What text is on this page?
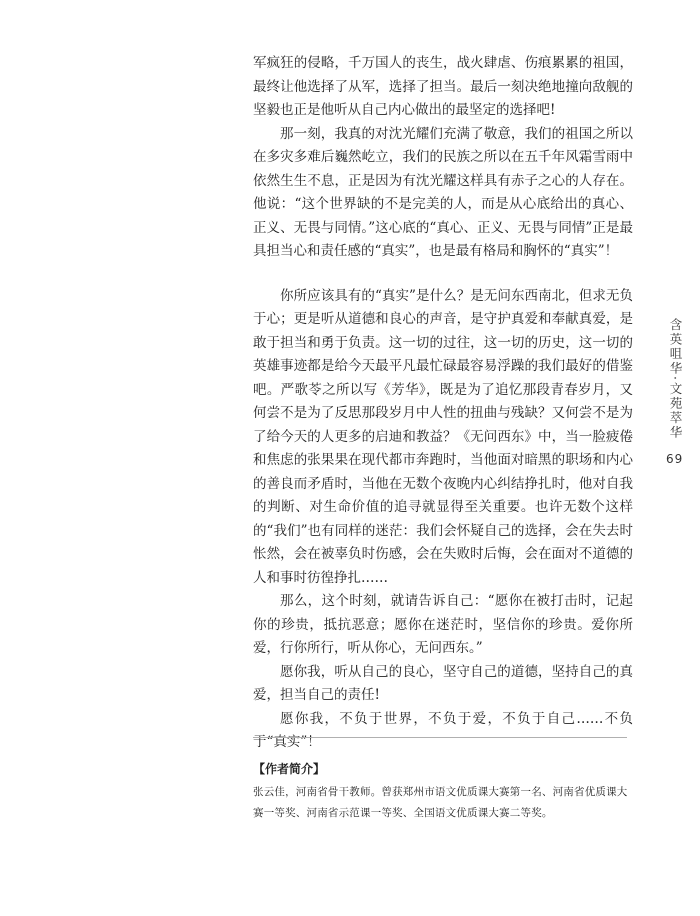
军疯狂的侵略，千万国人的丧生，战火肆虐、伤痕累累的祖国，最终让他选择了从军，选择了担当。最后一刻决绝地撞向敌舰的坚毅也正是他听从自己内心做出的最坚定的选择吧!

那一刻，我真的对沈光耀们充满了敬意，我们的祖国之所以在多灾多难后巍然屹立，我们的民族之所以在五千年风霜雪雨中依然生生不息，正是因为有沈光耀这样具有赤子之心的人存在。他说：“这个世界缺的不是完美的人，而是从心底给出的真心、正义、无畏与同情。”这心底的“真心、正义、无畏与同情”正是最具担当心和责任感的“真实”，也是最有格局和胸怀的“真实”！

你所应该具有的“真实”是什么？是无问东西南北，但求无负于心；更是听从道德和良心的声音，是守护真爱和奉献真爱，是敢于担当和勇于负责。这一切的过往，这一切的历史，这一切的英雄事迹都是给今天最平凡最忙碌最容易浮躁的我们最好的借鉴吧。严歌苓之所以写《芳华》，既是为了追忆那段青春岁月，又何尝不是为了反思那段岁月中人性的扭曲与残缺？又何尝不是为了给今天的人更多的启迪和教益？《无问西东》中，当一脸疲倦和焦虑的张果果在现代都市奔跑时，当他面对暗黑的职场和内心的善良而矛盾时，当他在无数个夜晚内心纠结挣扎时，他对自我的判断、对生命价值的追寻就显得至关重要。也许无数个这样的“我们”也有同样的迷茫：我们会怀疑自己的选择，会在失去时怅然，会在被辜负时伤感，会在失败时后悔，会在面对不道德的人和事时彷徨挣扎……

那么，这个时刻，就请告诉自己：“愿你在被打击时，记起你的珍贵，抵抗恶意；愿你在迷茫时，坚信你的珍贵。爱你所爱，行你所行，听从你心，无问西东。”

愿你我，听从自己的良心，坚守自己的道德，坚持自己的真爱，担当自己的责任!

愿你我，不负于世界，不负于爱，不负于自己……不负于“真实”！

含英咀华·文苑萃华
69

【作者简介】

张云佳，河南省骨干教师。曾获郑州市语文优质课大赛第一名、河南省优质课大赛一等奖、河南省示范课一等奖、全国语文优质课大赛二等奖。
